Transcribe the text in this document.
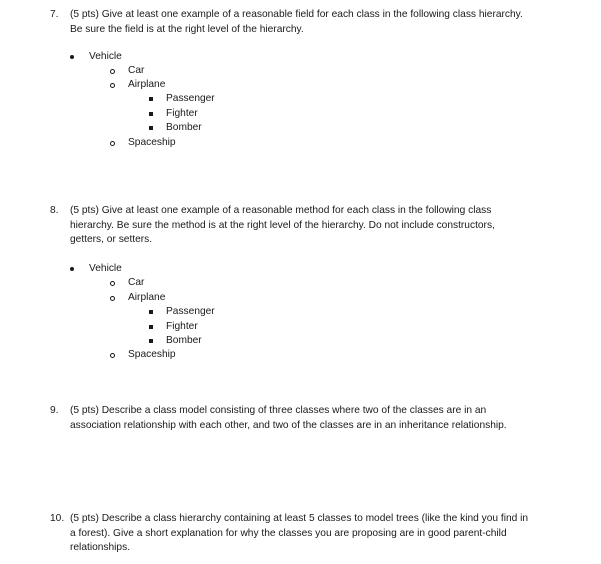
7.	(5 pts) Give at least one example of a reasonable field for each class in the following class hierarchy.
Be sure the field is at the right level of the hierarchy.
Vehicle
Car
Airplane
Passenger
Fighter
Bomber
Spaceship
8.	(5 pts) Give at least one example of a reasonable method for each class in the following class
hierarchy. Be sure the method is at the right level of the hierarchy. Do not include constructors,
getters, or setters.
Vehicle
Car
Airplane
Passenger
Fighter
Bomber
Spaceship
9.	(5 pts) Describe a class model consisting of three classes where two of the classes are in an
association relationship with each other, and two of the classes are in an inheritance relationship.
10. (5 pts) Describe a class hierarchy containing at least 5 classes to model trees (like the kind you find in
a forest). Give a short explanation for why the classes you are proposing are in good parent-child
relationships.
